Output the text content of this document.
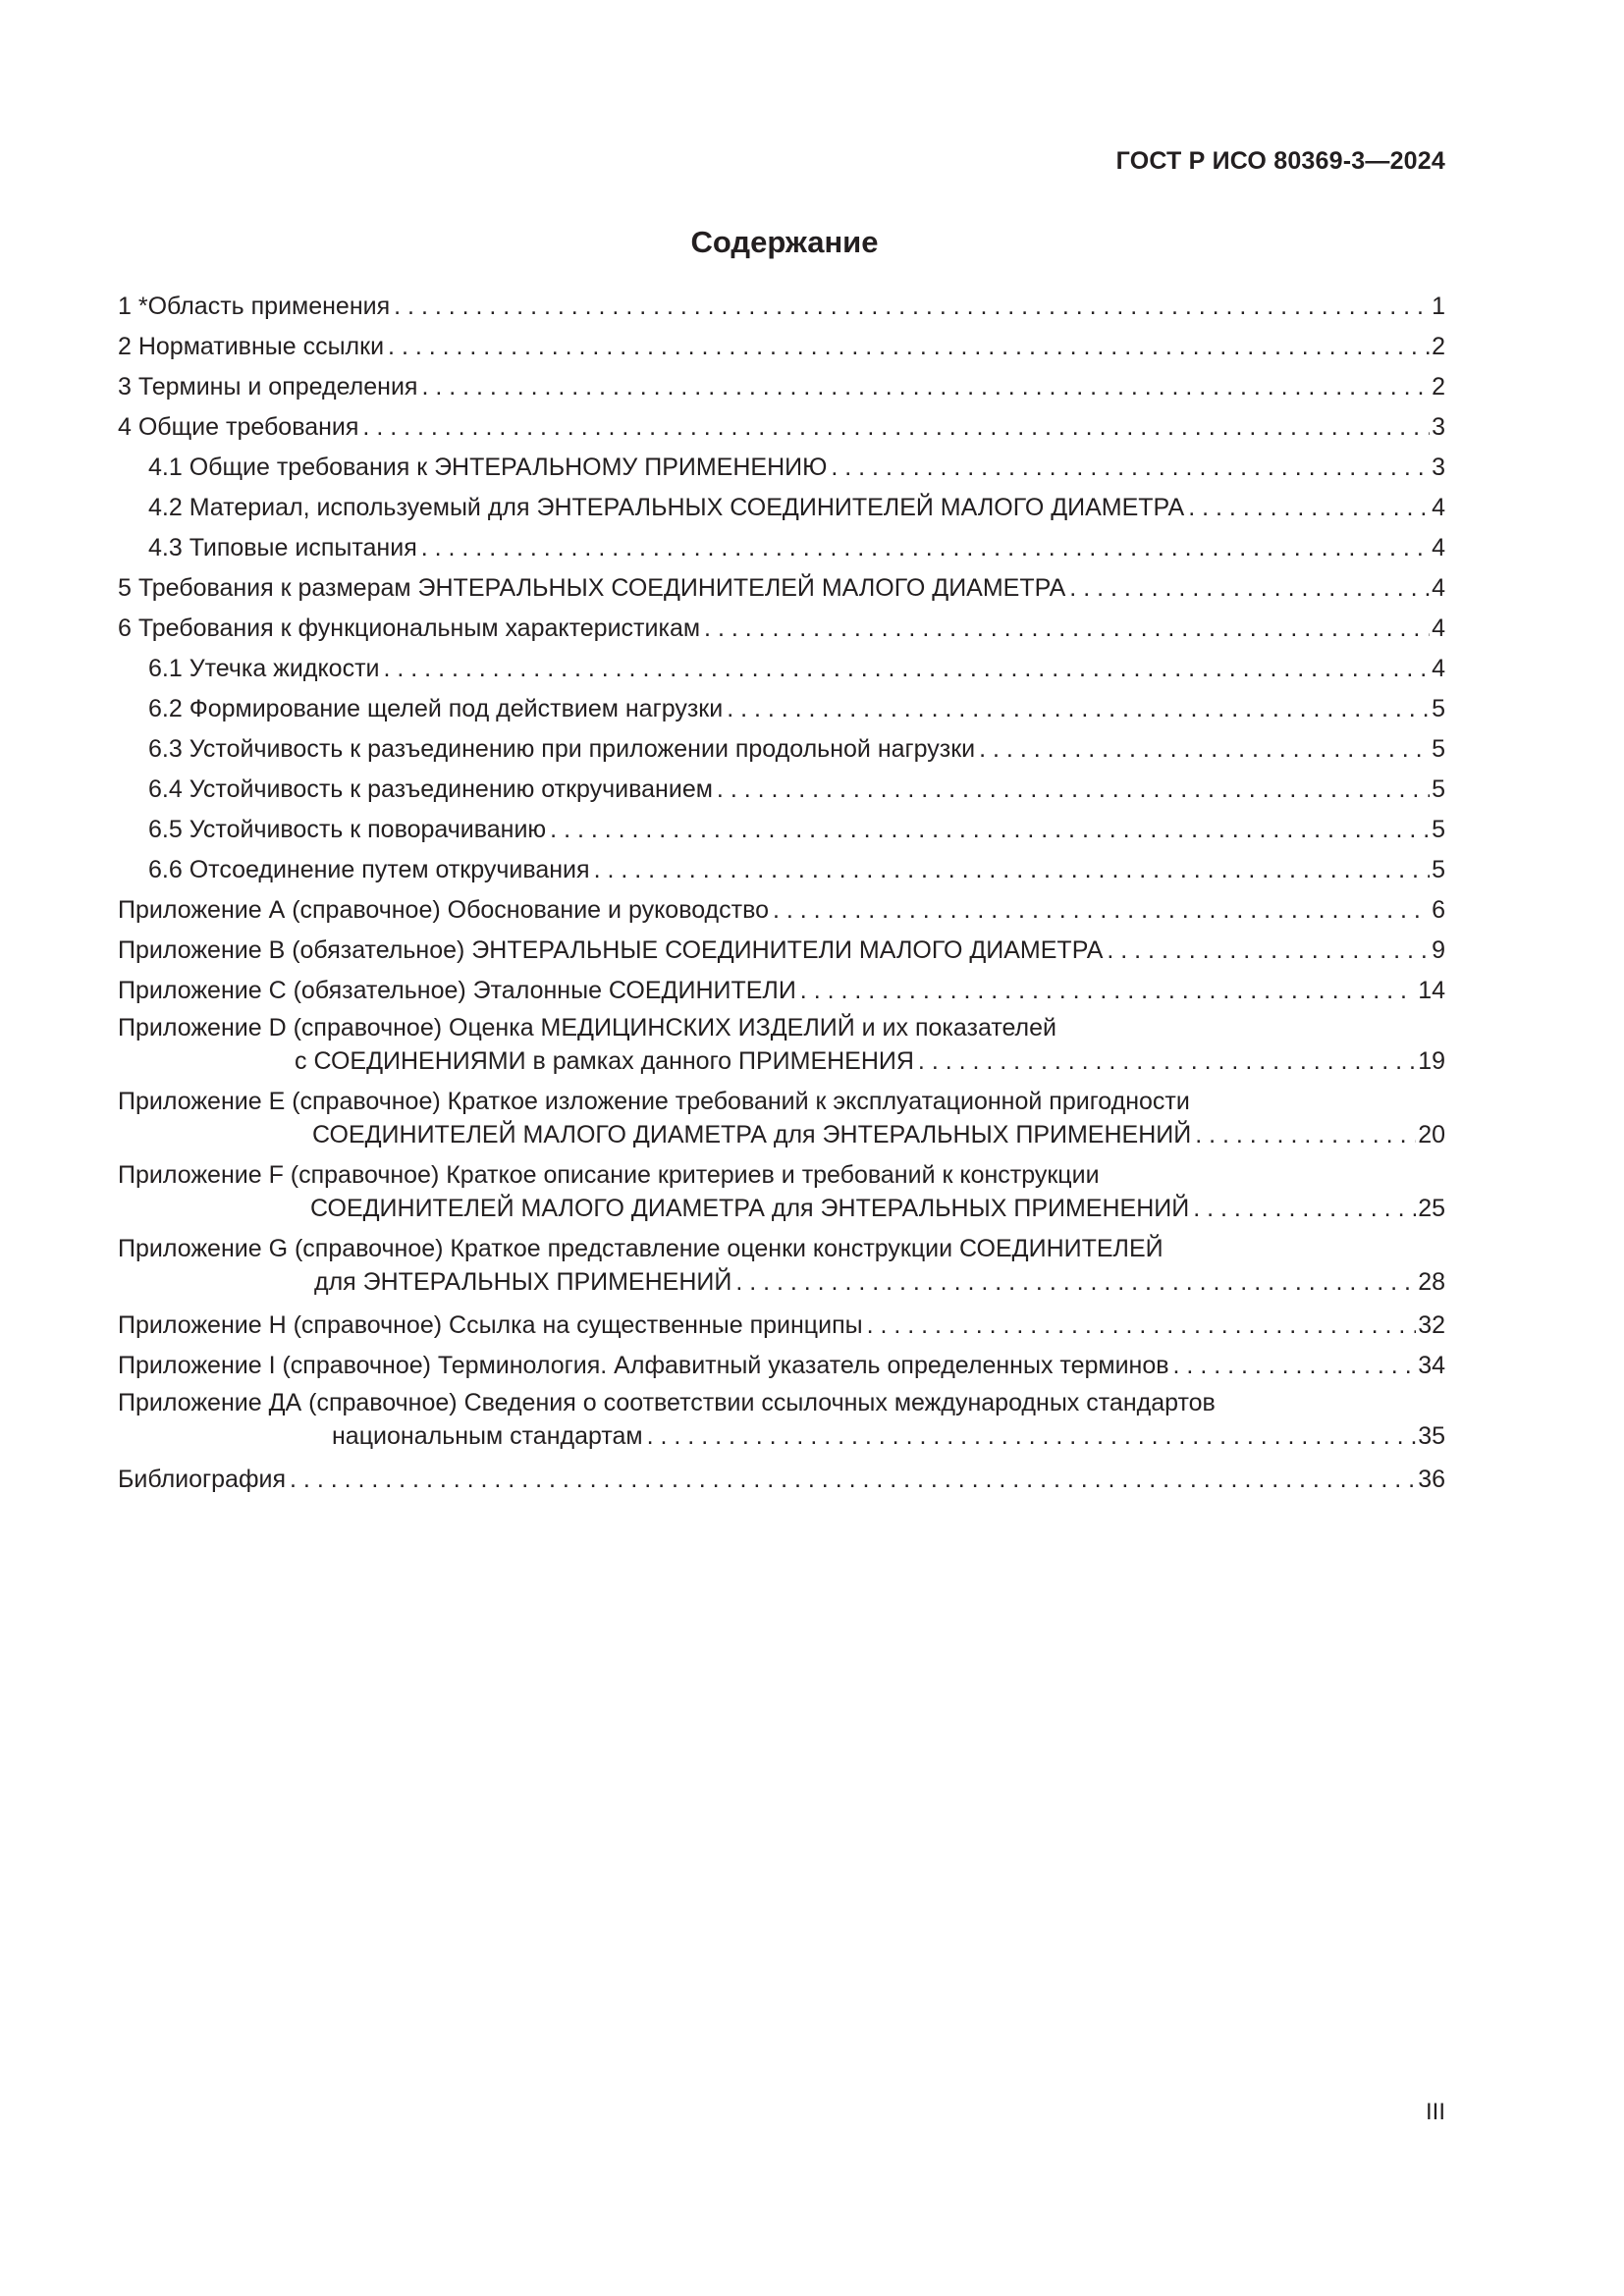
ГОСТ Р ИСО 80369-3—2024
Содержание
1 *Область применения . . .	1
2 Нормативные ссылки . . .	2
3 Термины и определения . . .	2
4 Общие требования . . .	3
4.1 Общие требования к ЭНТЕРАЛЬНОМУ ПРИМЕНЕНИЮ . . .	3
4.2 Материал, используемый для ЭНТЕРАЛЬНЫХ СОЕДИНИТЕЛЕЙ МАЛОГО ДИАМЕТРА . . .	4
4.3 Типовые испытания . . .	4
5 Требования к размерам ЭНТЕРАЛЬНЫХ СОЕДИНИТЕЛЕЙ МАЛОГО ДИАМЕТРА . . .	4
6 Требования к функциональным характеристикам . . .	4
6.1 Утечка жидкости . . .	4
6.2 Формирование щелей под действием нагрузки . . .	5
6.3 Устойчивость к разъединению при приложении продольной нагрузки . . .	5
6.4 Устойчивость к разъединению откручиванием . . .	5
6.5 Устойчивость к поворачиванию . . .	5
6.6 Отсоединение путем откручивания . . .	5
Приложение А (справочное) Обоснование и руководство . . .	6
Приложение B (обязательное) ЭНТЕРАЛЬНЫЕ СОЕДИНИТЕЛИ МАЛОГО ДИАМЕТРА . . .	9
Приложение C (обязательное) Эталонные СОЕДИНИТЕЛИ . . .	14
Приложение D (справочное) Оценка МЕДИЦИНСКИХ ИЗДЕЛИЙ и их показателей
с СОЕДИНЕНИЯМИ в рамках данного ПРИМЕНЕНИЯ . . .	19
Приложение E (справочное) Краткое изложение требований к эксплуатационной пригодности
СОЕДИНИТЕЛЕЙ МАЛОГО ДИАМЕТРА для ЭНТЕРАЛЬНЫХ ПРИМЕНЕНИЙ . . .	20
Приложение F (справочное) Краткое описание критериев и требований к конструкции
СОЕДИНИТЕЛЕЙ МАЛОГО ДИАМЕТРА для ЭНТЕРАЛЬНЫХ ПРИМЕНЕНИЙ . . .	25
Приложение G (справочное) Краткое представление оценки конструкции СОЕДИНИТЕЛЕЙ
для ЭНТЕРАЛЬНЫХ ПРИМЕНЕНИЙ . . .	28
Приложение H (справочное) Ссылка на существенные принципы . . .	32
Приложение I (справочное) Терминология. Алфавитный указатель определенных терминов . . .	34
Приложение ДА (справочное) Сведения о соответствии ссылочных международных стандартов
национальным стандартам . . .	35
Библиография . . .	36
III
